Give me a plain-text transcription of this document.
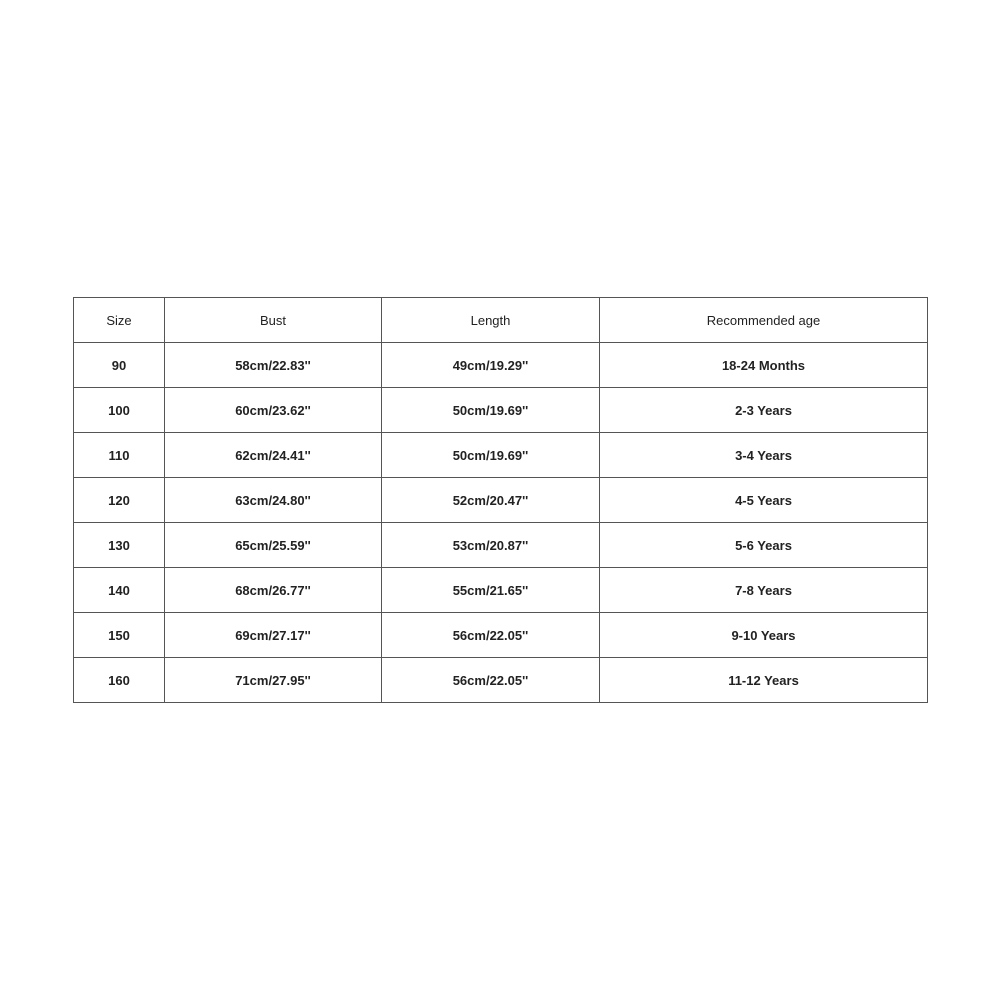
Size	Bust	Length	Recommended age
90	58cm/22.83''	49cm/19.29''	18-24 Months
100	60cm/23.62''	50cm/19.69''	2-3 Years
110	62cm/24.41''	50cm/19.69''	3-4 Years
120	63cm/24.80''	52cm/20.47''	4-5 Years
130	65cm/25.59''	53cm/20.87''	5-6 Years
140	68cm/26.77''	55cm/21.65''	7-8 Years
150	69cm/27.17''	56cm/22.05''	9-10 Years
160	71cm/27.95''	56cm/22.05''	11-12 Years
